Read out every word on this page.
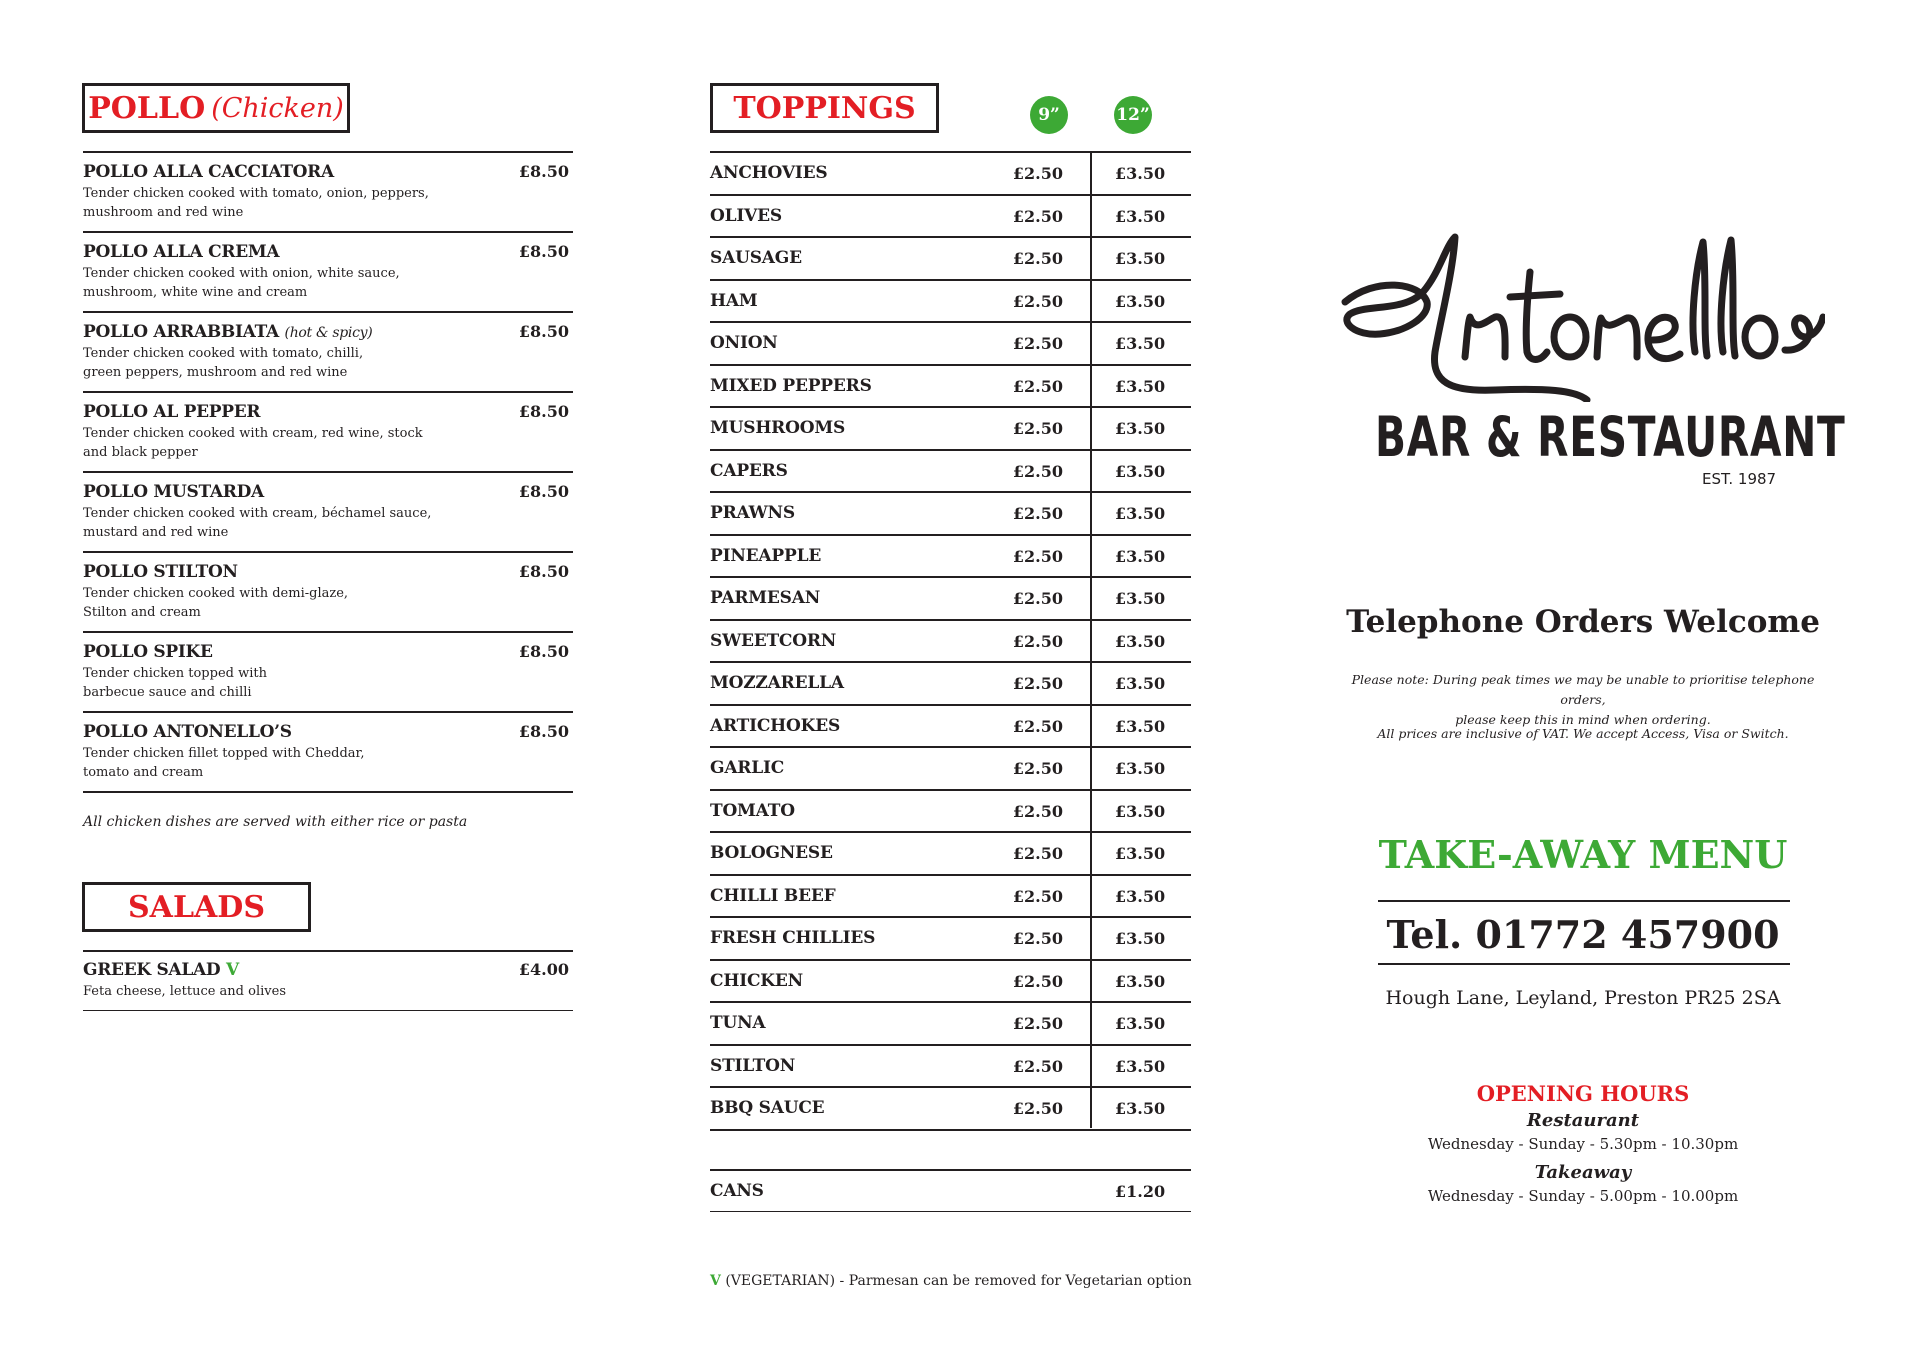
POLLO (Chicken)
POLLO ALLA CACCIATORA	£8.50
Tender chicken cooked with tomato, onion, peppers,
mushroom and red wine
POLLO ALLA CREMA	£8.50
Tender chicken cooked with onion, white sauce,
mushroom, white wine and cream
POLLO ARRABBIATA (hot & spicy)	£8.50
Tender chicken cooked with tomato, chilli,
green peppers, mushroom and red wine
POLLO AL PEPPER	£8.50
Tender chicken cooked with cream, red wine, stock
and black pepper
POLLO MUSTARDA	£8.50
Tender chicken cooked with cream, béchamel sauce,
mustard and red wine
POLLO STILTON	£8.50
Tender chicken cooked with demi-glaze,
Stilton and cream
POLLO SPIKE	£8.50
Tender chicken topped with
barbecue sauce and chilli
POLLO ANTONELLO’S	£8.50
Tender chicken fillet topped with Cheddar,
tomato and cream
All chicken dishes are served with either rice or pasta
SALADS
GREEK SALAD V	£4.00
Feta cheese, lettuce and olives
TOPPINGS	9”	12”
ANCHOVIES	£2.50	£3.50
OLIVES	£2.50	£3.50
SAUSAGE	£2.50	£3.50
HAM	£2.50	£3.50
ONION	£2.50	£3.50
MIXED PEPPERS	£2.50	£3.50
MUSHROOMS	£2.50	£3.50
CAPERS	£2.50	£3.50
PRAWNS	£2.50	£3.50
PINEAPPLE	£2.50	£3.50
PARMESAN	£2.50	£3.50
SWEETCORN	£2.50	£3.50
MOZZARELLA	£2.50	£3.50
ARTICHOKES	£2.50	£3.50
GARLIC	£2.50	£3.50
TOMATO	£2.50	£3.50
BOLOGNESE	£2.50	£3.50
CHILLI BEEF	£2.50	£3.50
FRESH CHILLIES	£2.50	£3.50
CHICKEN	£2.50	£3.50
TUNA	£2.50	£3.50
STILTON	£2.50	£3.50
BBQ SAUCE	£2.50	£3.50
CANS	£1.20
V (VEGETARIAN) - Parmesan can be removed for Vegetarian option
BAR & RESTAURANT
EST. 1987
Telephone Orders Welcome
Please note: During peak times we may be unable to prioritise telephone orders,
please keep this in mind when ordering.
All prices are inclusive of VAT. We accept Access, Visa or Switch.
TAKE-AWAY MENU
Tel. 01772 457900
Hough Lane, Leyland, Preston PR25 2SA
OPENING HOURS
Restaurant
Wednesday - Sunday - 5.30pm - 10.30pm
Takeaway
Wednesday - Sunday - 5.00pm - 10.00pm
